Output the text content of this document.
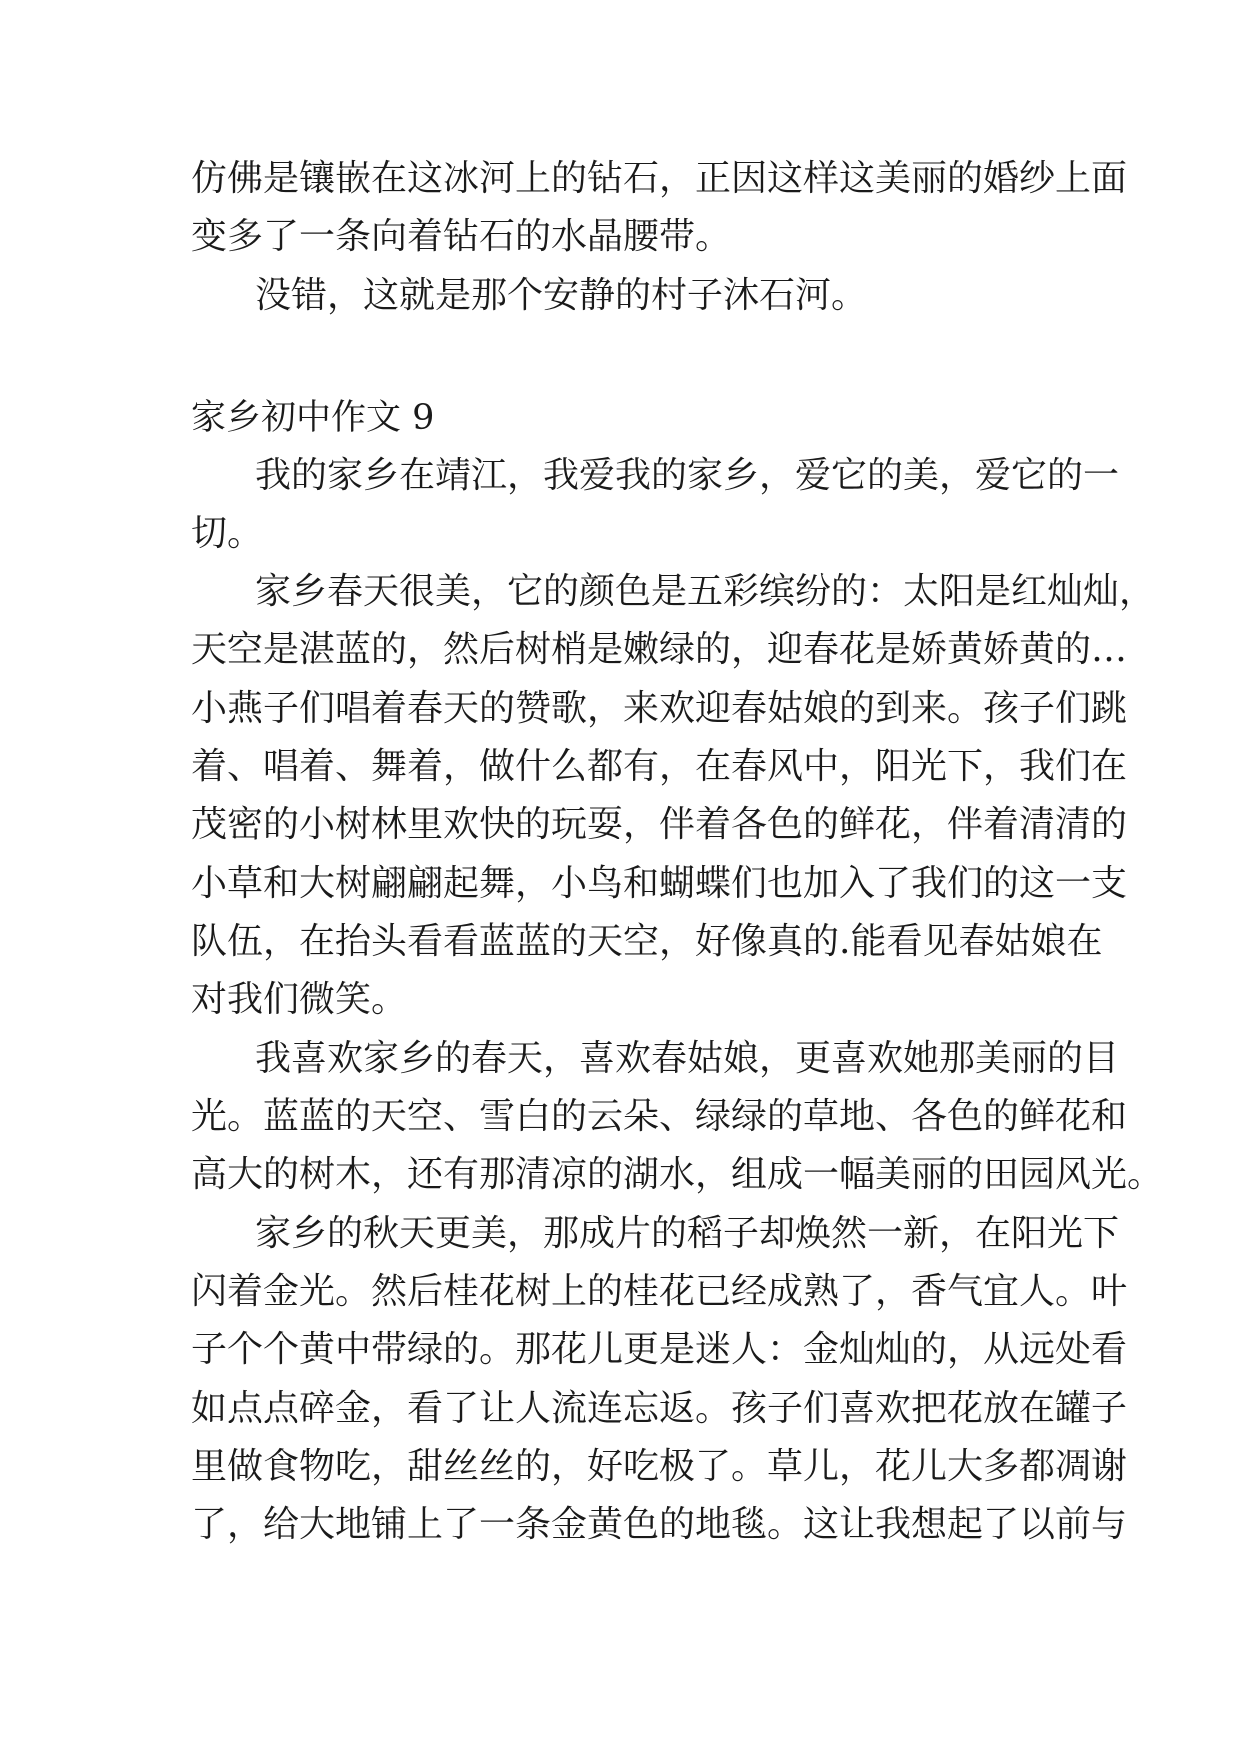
仿佛是镶嵌在这冰河上的钻石，正因这样这美丽的婚纱上面
变多了一条向着钻石的水晶腰带。
没错，这就是那个安静的村子沐石河。
家乡初中作文 9
我的家乡在靖江，我爱我的家乡，爱它的美，爱它的一
切。
家乡春天很美，它的颜色是五彩缤纷的：太阳是红灿灿，
天空是湛蓝的，然后树梢是嫩绿的，迎春花是娇黄娇黄的…
小燕子们唱着春天的赞歌，来欢迎春姑娘的到来。孩子们跳
着、唱着、舞着，做什么都有，在春风中，阳光下，我们在
茂密的小树林里欢快的玩耍，伴着各色的鲜花，伴着清清的
小草和大树翩翩起舞，小鸟和蝴蝶们也加入了我们的这一支
队伍，在抬头看看蓝蓝的天空，好像真的.能看见春姑娘在
对我们微笑。
我喜欢家乡的春天，喜欢春姑娘，更喜欢她那美丽的目
光。蓝蓝的天空、雪白的云朵、绿绿的草地、各色的鲜花和
高大的树木，还有那清凉的湖水，组成一幅美丽的田园风光。
家乡的秋天更美，那成片的稻子却焕然一新，在阳光下
闪着金光。然后桂花树上的桂花已经成熟了，香气宜人。叶
子个个黄中带绿的。那花儿更是迷人：金灿灿的，从远处看
如点点碎金，看了让人流连忘返。孩子们喜欢把花放在罐子
里做食物吃，甜丝丝的，好吃极了。草儿，花儿大多都凋谢
了，给大地铺上了一条金黄色的地毯。这让我想起了以前与
